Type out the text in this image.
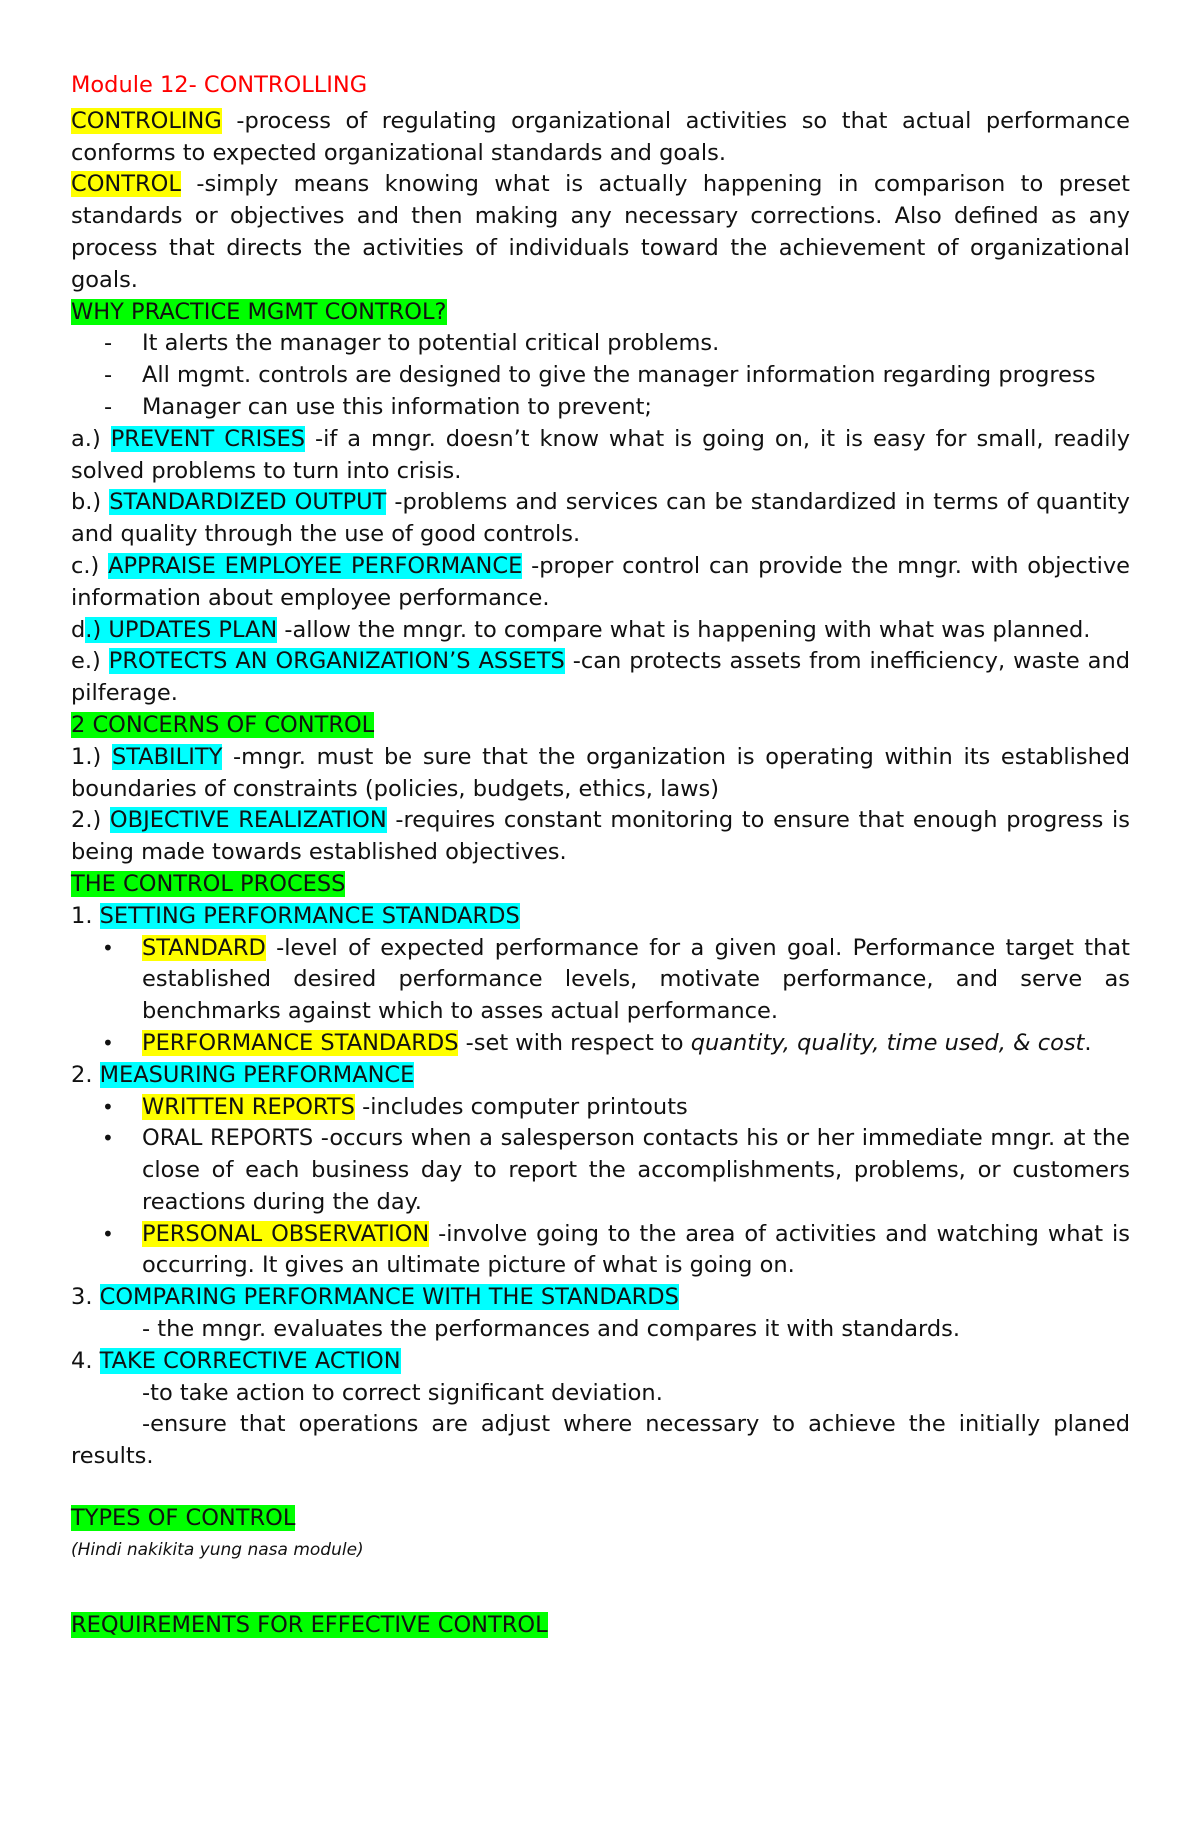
Module 12- CONTROLLING

CONTROLING -process of regulating organizational activities so that actual performance conforms to expected organizational standards and goals.

CONTROL -simply means knowing what is actually happening in comparison to preset standards or objectives and then making any necessary corrections. Also defined as any process that directs the activities of individuals toward the achievement of organizational goals.

WHY PRACTICE MGMT CONTROL?

- It alerts the manager to potential critical problems.

- All mgmt. controls are designed to give the manager information regarding progress

- Manager can use this information to prevent;

a.) PREVENT CRISES -if a mngr. doesn’t know what is going on, it is easy for small, readily solved problems to turn into crisis.

b.) STANDARDIZED OUTPUT -problems and services can be standardized in terms of quantity and quality through the use of good controls.

c.) APPRAISE EMPLOYEE PERFORMANCE -proper control can provide the mngr. with objective information about employee performance.

d.) UPDATES PLAN -allow the mngr. to compare what is happening with what was planned.

e.) PROTECTS AN ORGANIZATION’S ASSETS -can protects assets from inefficiency, waste and pilferage.

2 CONCERNS OF CONTROL

1.) STABILITY -mngr. must be sure that the organization is operating within its established boundaries of constraints (policies, budgets, ethics, laws)

2.) OBJECTIVE REALIZATION -requires constant monitoring to ensure that enough progress is being made towards established objectives.

THE CONTROL PROCESS

1. SETTING PERFORMANCE STANDARDS

• STANDARD -level of expected performance for a given goal. Performance target that established desired performance levels, motivate performance, and serve as benchmarks against which to asses actual performance.

• PERFORMANCE STANDARDS -set with respect to quantity, quality, time used, & cost.

2. MEASURING PERFORMANCE

• WRITTEN REPORTS -includes computer printouts

• ORAL REPORTS -occurs when a salesperson contacts his or her immediate mngr. at the close of each business day to report the accomplishments, problems, or customers reactions during the day.

• PERSONAL OBSERVATION -involve going to the area of activities and watching what is occurring. It gives an ultimate picture of what is going on.

3. COMPARING PERFORMANCE WITH THE STANDARDS

- the mngr. evaluates the performances and compares it with standards.

4. TAKE CORRECTIVE ACTION

-to take action to correct significant deviation.

-ensure that operations are adjust where necessary to achieve the initially planed results.

TYPES OF CONTROL

(Hindi nakikita yung nasa module)

REQUIREMENTS FOR EFFECTIVE CONTROL
